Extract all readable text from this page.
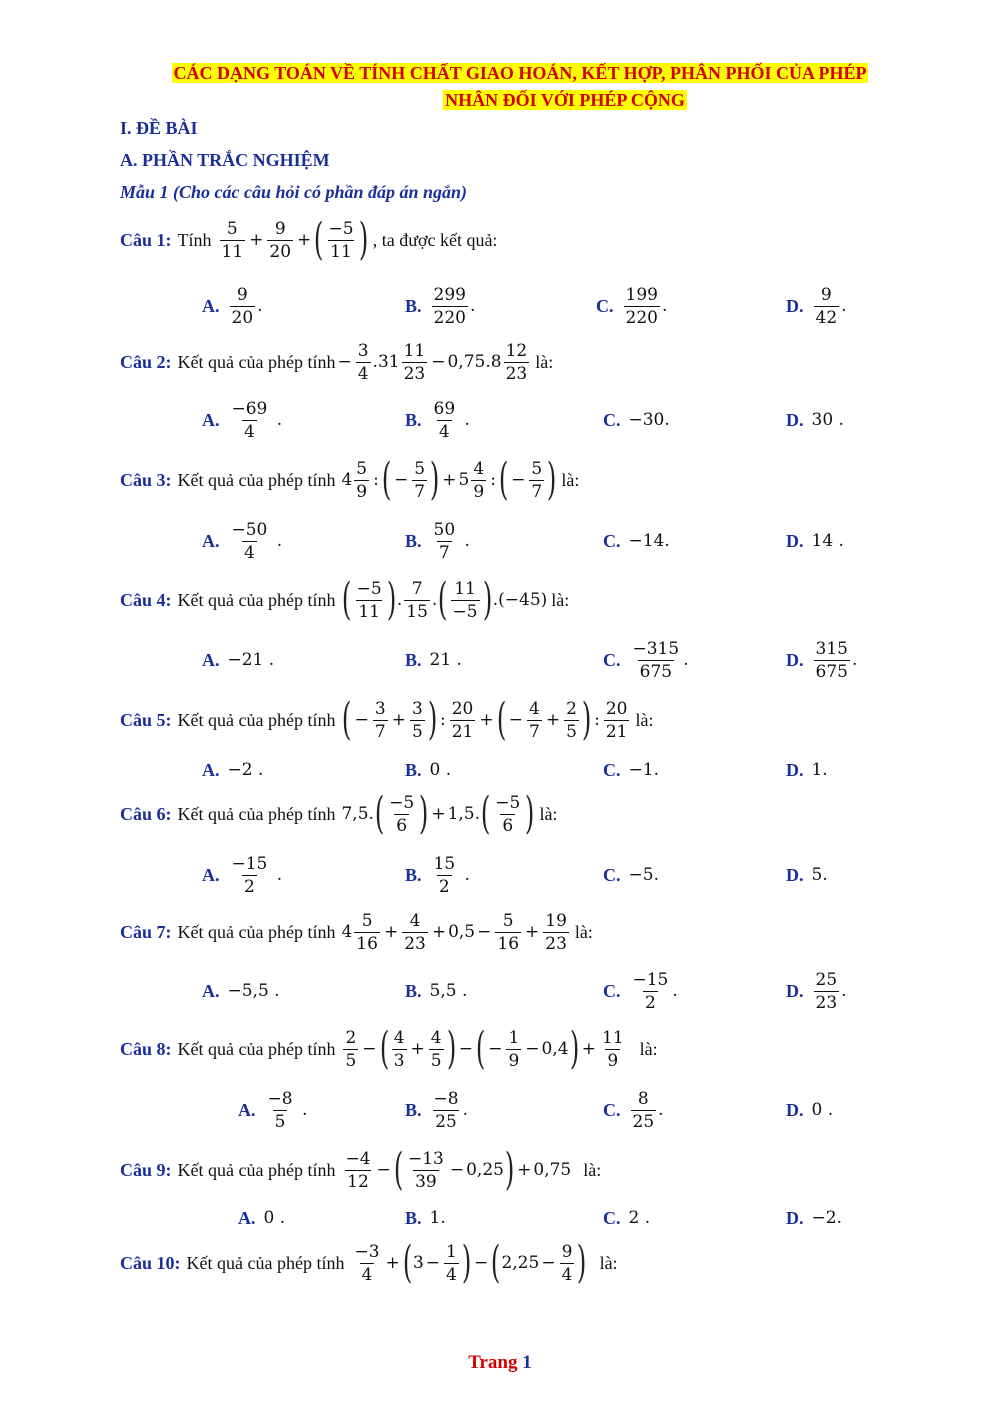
CÁC DẠNG TOÁN VỀ TÍNH CHẤT GIAO HOÁN, KẾT HỢP, PHÂN PHỐI CỦA PHÉP
NHÂN ĐỐI VỚI PHÉP CỘNG
I. ĐỀ BÀI
A. PHẦN TRẮC NGHIỆM
Mẫu 1 (Cho các câu hỏi có phần đáp án ngắn)
Câu 1: Tính $\frac{5}{11} + \frac{9}{20}$ + ( $\frac{-5}{11}$ ) , ta được kết quả:
A. $\frac{9}{20}$ .	B. $\frac{299}{220}$ .	C. $\frac{199}{220}$ .	D. $\frac{9}{42}$ .
Câu 2: Kết quả của phép tính − $\frac{3}{4} .31 \frac{11}{23} - 0,75.8 \frac{12}{23}$ là:
A. $\frac{-69}{4}$ .	B. $\frac{69}{4}$ .	C. −30 .	D. 30 .
Câu 3: Kết quả của phép tính $4 \frac{5}{9}$ : ( − $\frac{5}{7}$ ) + $5 \frac{4}{9}$ : ( − $\frac{5}{7}$ ) là:
A. $\frac{-50}{4}$ .	B. $\frac{50}{7}$ .	C. −14 .	D. 14 .
Câu 4: Kết quả của phép tính ( $\frac{-5}{11}$ ) . $\frac{7}{15}$ . ( $\frac{11}{-5}$ ) .(−45) là:
A. −21 .	B. 21 .	C. $\frac{-315}{675}$ .	D. $\frac{315}{675}$ .
Câu 5: Kết quả của phép tính ( − $\frac{3}{7} + \frac{3}{5}$ ) : $\frac{20}{21}$ + ( − $\frac{4}{7} + \frac{2}{5}$ ) : $\frac{20}{21}$ là:
A. −2 .	B. 0 .	C. −1 .	D. 1 .
Câu 6: Kết quả của phép tính 7,5. ( $\frac{-5}{6}$ ) + 1,5. ( $\frac{-5}{6}$ ) là:
A. $\frac{-15}{2}$ .	B. $\frac{15}{2}$ .	C. −5 .	D. 5 .
Câu 7: Kết quả của phép tính $4 \frac{5}{16} + \frac{4}{23} + 0,5 - \frac{5}{16} + \frac{19}{23}$ là:
A. −5,5 .	B. 5,5 .	C. $\frac{-15}{2}$ .	D. $\frac{25}{23}$ .
Câu 8: Kết quả của phép tính $\frac{2}{5}$ − ( $\frac{4}{3} + \frac{4}{5}$ ) − ( − $\frac{1}{9} - 0,4$ ) + $\frac{11}{9}$ là:
A. $\frac{-8}{5}$ .	B. $\frac{-8}{25}$ .	C. $\frac{8}{25}$ .	D. 0 .
Câu 9: Kết quả của phép tính $\frac{-4}{12}$ − ( $\frac{-13}{39} - 0,25$ ) + 0,75 là:
A. 0 .	B. 1 .	C. 2 .	D. −2 .
Câu 10: Kết quả của phép tính $\frac{-3}{4}$ + ( $3 - \frac{1}{4}$ ) − ( $2,25 - \frac{9}{4}$ ) là:
Trang 1
